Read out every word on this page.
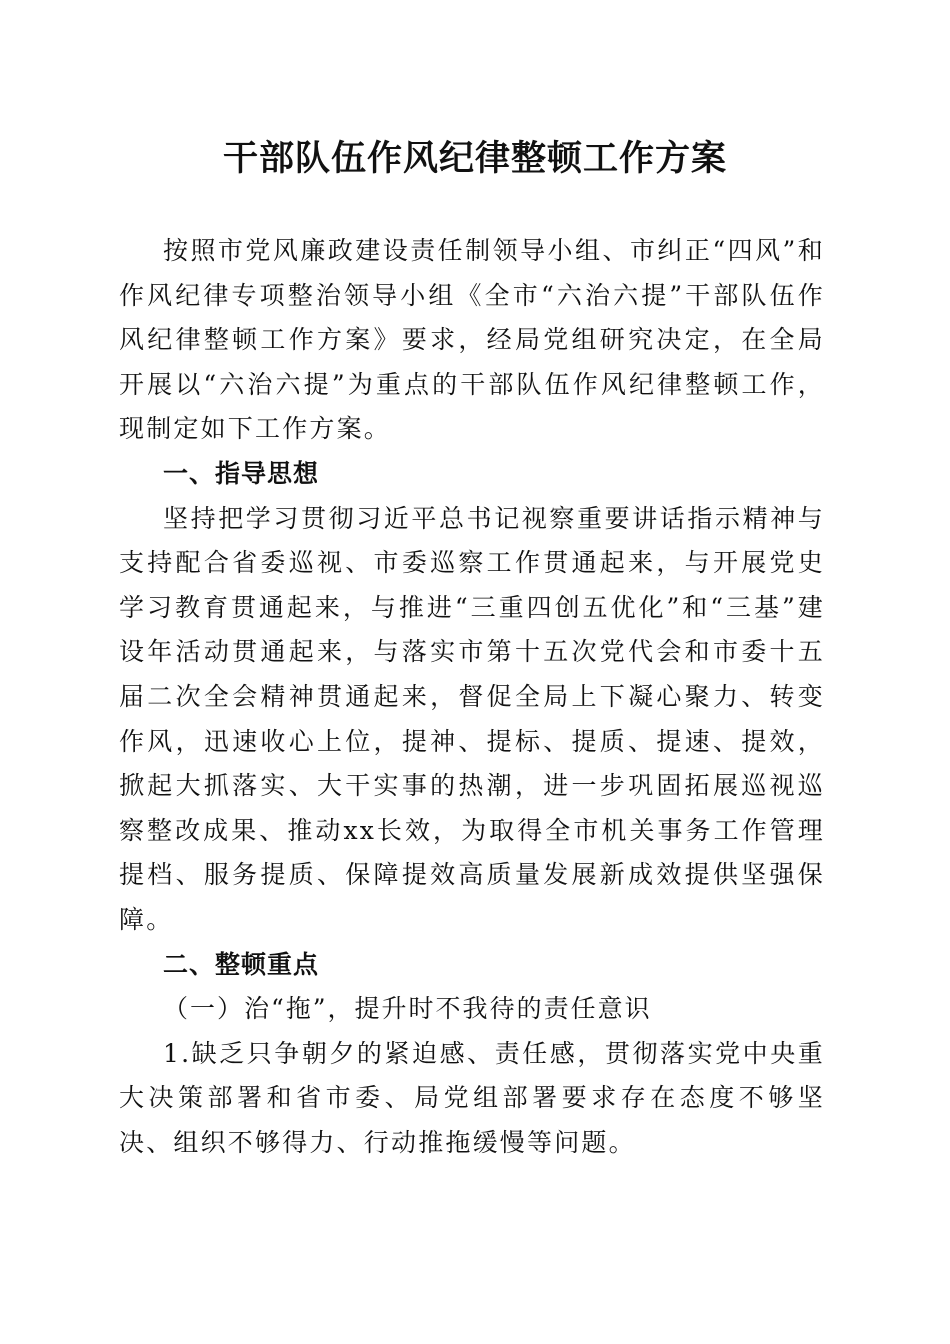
干部队伍作风纪律整顿工作方案

按照市党风廉政建设责任制领导小组、市纠正“四风”和作风纪律专项整治领导小组《全市“六治六提”干部队伍作风纪律整顿工作方案》要求，经局党组研究决定，在全局开展以“六治六提”为重点的干部队伍作风纪律整顿工作，现制定如下工作方案。

一、指导思想

坚持把学习贯彻习近平总书记视察重要讲话指示精神与支持配合省委巡视、市委巡察工作贯通起来，与开展党史学习教育贯通起来，与推进“三重四创五优化”和“三基”建设年活动贯通起来，与落实市第十五次党代会和市委十五届二次全会精神贯通起来，督促全局上下凝心聚力、转变作风，迅速收心上位，提神、提标、提质、提速、提效，掀起大抓落实、大干实事的热潮，进一步巩固拓展巡视巡察整改成果、推动xx长效，为取得全市机关事务工作管理提档、服务提质、保障提效高质量发展新成效提供坚强保障。

二、整顿重点

（一）治“拖”，提升时不我待的责任意识

1.缺乏只争朝夕的紧迫感、责任感，贯彻落实党中央重大决策部署和省市委、局党组部署要求存在态度不够坚决、组织不够得力、行动推拖缓慢等问题。
